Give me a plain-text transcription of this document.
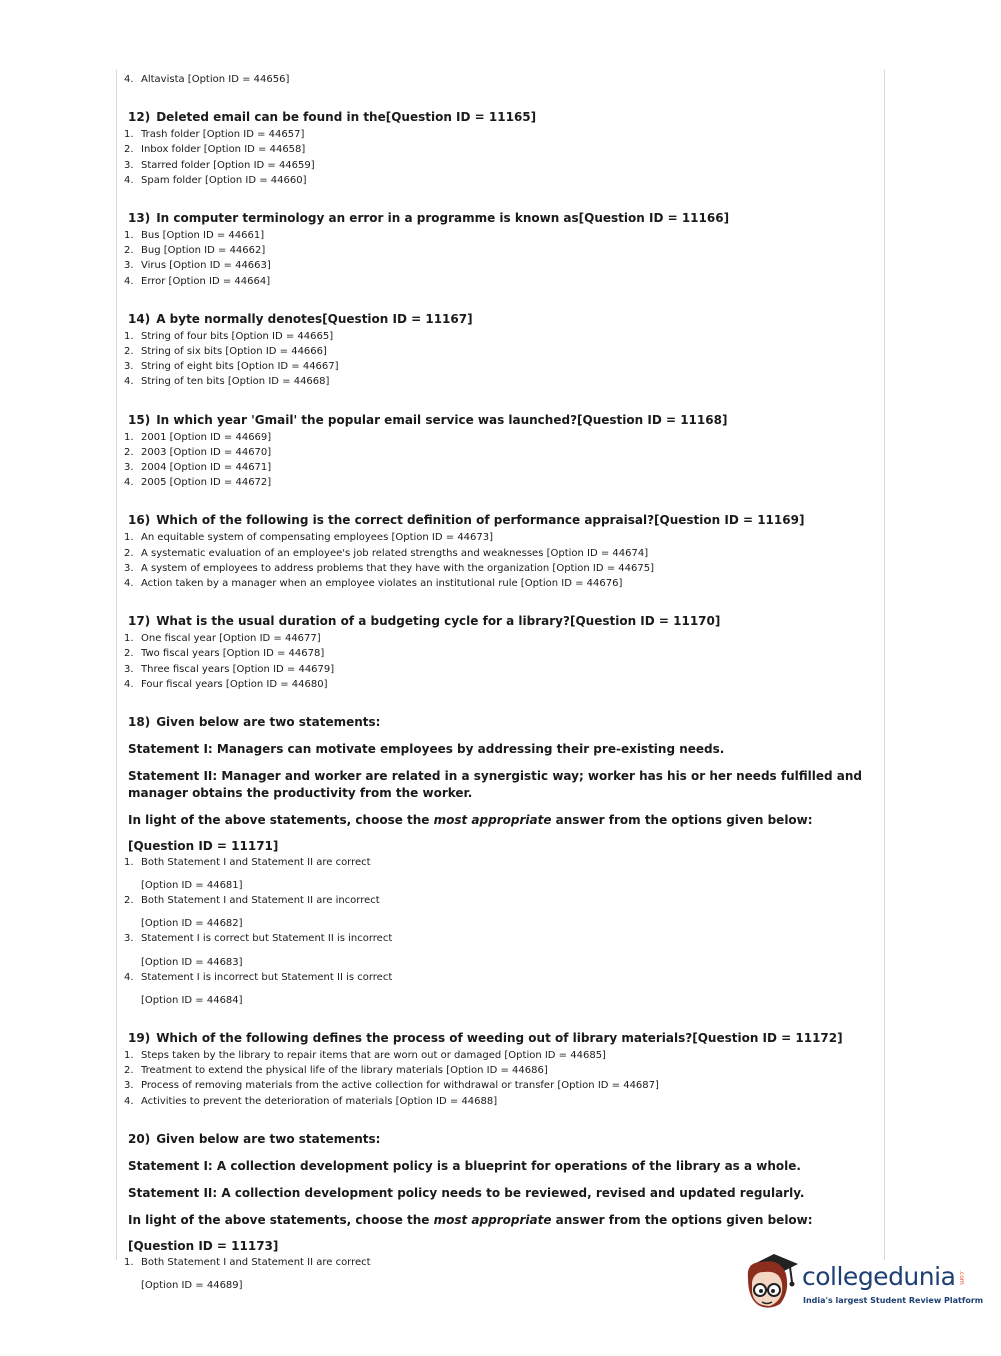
4. Altavista [Option ID = 44656]
12) Deleted email can be found in the[Question ID = 11165]
1. Trash folder [Option ID = 44657]
2. Inbox folder [Option ID = 44658]
3. Starred folder [Option ID = 44659]
4. Spam folder [Option ID = 44660]
13) In computer terminology an error in a programme is known as[Question ID = 11166]
1. Bus [Option ID = 44661]
2. Bug [Option ID = 44662]
3. Virus [Option ID = 44663]
4. Error [Option ID = 44664]
14) A byte normally denotes[Question ID = 11167]
1. String of four bits [Option ID = 44665]
2. String of six bits [Option ID = 44666]
3. String of eight bits [Option ID = 44667]
4. String of ten bits [Option ID = 44668]
15) In which year 'Gmail' the popular email service was launched?[Question ID = 11168]
1. 2001 [Option ID = 44669]
2. 2003 [Option ID = 44670]
3. 2004 [Option ID = 44671]
4. 2005 [Option ID = 44672]
16) Which of the following is the correct definition of performance appraisal?[Question ID = 11169]
1. An equitable system of compensating employees [Option ID = 44673]
2. A systematic evaluation of an employee's job related strengths and weaknesses [Option ID = 44674]
3. A system of employees to address problems that they have with the organization [Option ID = 44675]
4. Action taken by a manager when an employee violates an institutional rule [Option ID = 44676]
17) What is the usual duration of a budgeting cycle for a library?[Question ID = 11170]
1. One fiscal year [Option ID = 44677]
2. Two fiscal years [Option ID = 44678]
3. Three fiscal years [Option ID = 44679]
4. Four fiscal years [Option ID = 44680]
18) Given below are two statements:
Statement I: Managers can motivate employees by addressing their pre-existing needs.
Statement II: Manager and worker are related in a synergistic way; worker has his or her needs fulfilled and manager obtains the productivity from the worker.
In light of the above statements, choose the most appropriate answer from the options given below:
[Question ID = 11171]
1. Both Statement I and Statement II are correct
[Option ID = 44681]
2. Both Statement I and Statement II are incorrect
[Option ID = 44682]
3. Statement I is correct but Statement II is incorrect
[Option ID = 44683]
4. Statement I is incorrect but Statement II is correct
[Option ID = 44684]
19) Which of the following defines the process of weeding out of library materials?[Question ID = 11172]
1. Steps taken by the library to repair items that are worn out or damaged [Option ID = 44685]
2. Treatment to extend the physical life of the library materials [Option ID = 44686]
3. Process of removing materials from the active collection for withdrawal or transfer [Option ID = 44687]
4. Activities to prevent the deterioration of materials [Option ID = 44688]
20) Given below are two statements:
Statement I: A collection development policy is a blueprint for operations of the library as a whole.
Statement II: A collection development policy needs to be reviewed, revised and updated regularly.
In light of the above statements, choose the most appropriate answer from the options given below:
[Question ID = 11173]
1. Both Statement I and Statement II are correct
[Option ID = 44689]	collegedunia .com
India's largest Student Review Platform
